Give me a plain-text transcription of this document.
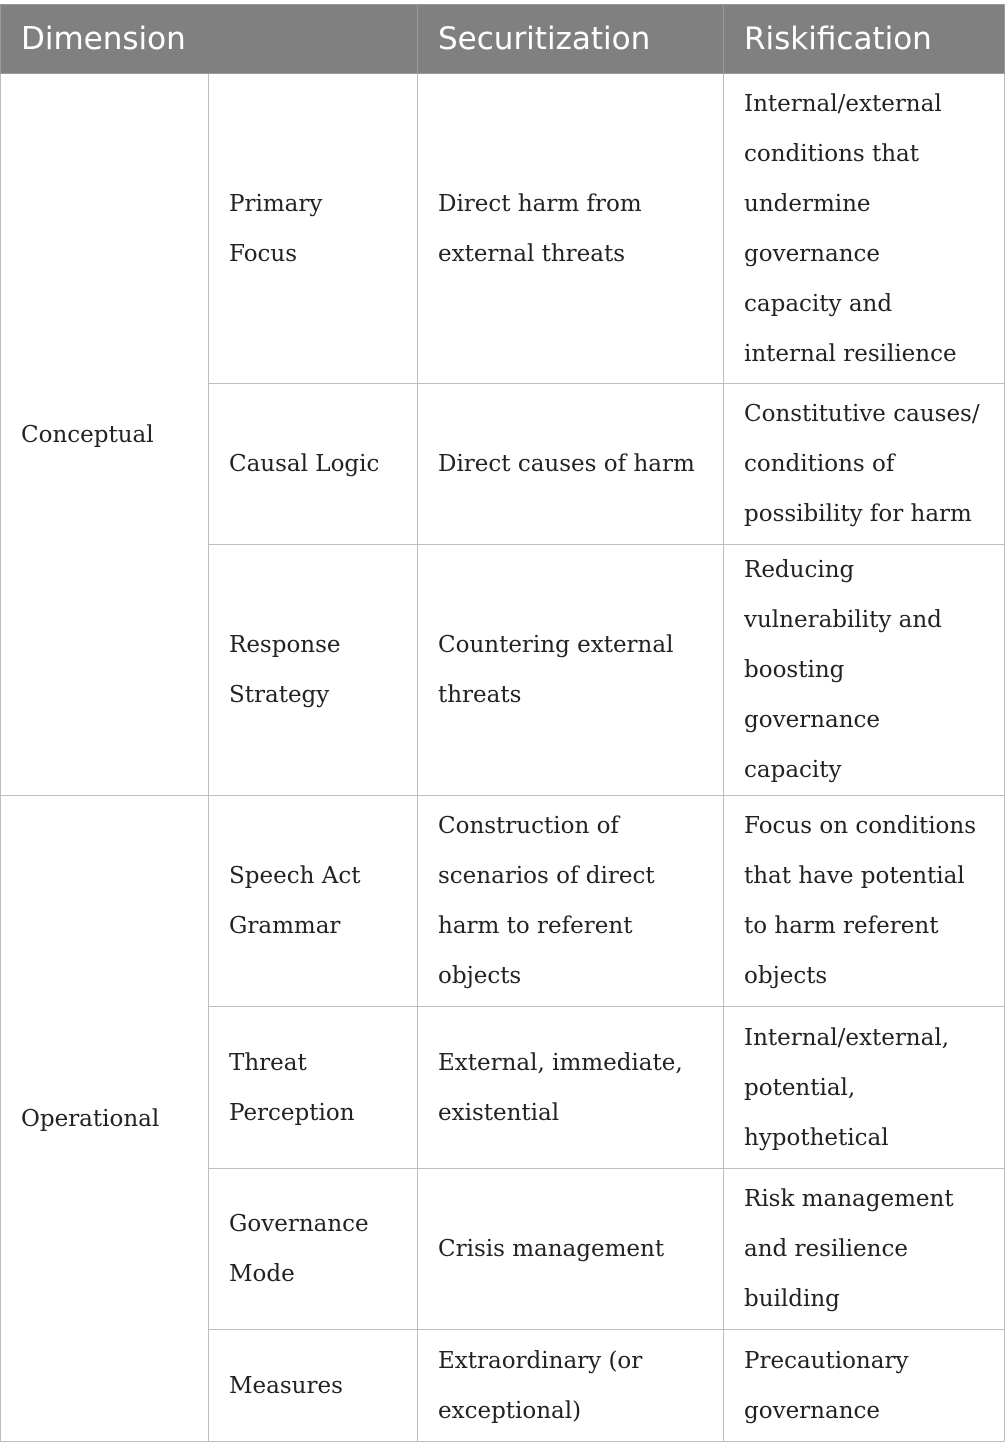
Dimension		Securitization	Riskification
Conceptual	Primary Focus	Direct harm from external threats	Internal/external conditions that undermine governance capacity and internal resilience
	Causal Logic	Direct causes of harm	Constitutive causes/ conditions of possibility for harm
	Response Strategy	Countering external threats	Reducing vulnerability and boosting governance capacity
Operational	Speech Act Grammar	Construction of scenarios of direct harm to referent objects	Focus on conditions that have potential to harm referent objects
	Threat Perception	External, immediate, existential	Internal/external, potential, hypothetical
	Governance Mode	Crisis management	Risk management and resilience building
	Measures	Extraordinary (or exceptional)	Precautionary governance
